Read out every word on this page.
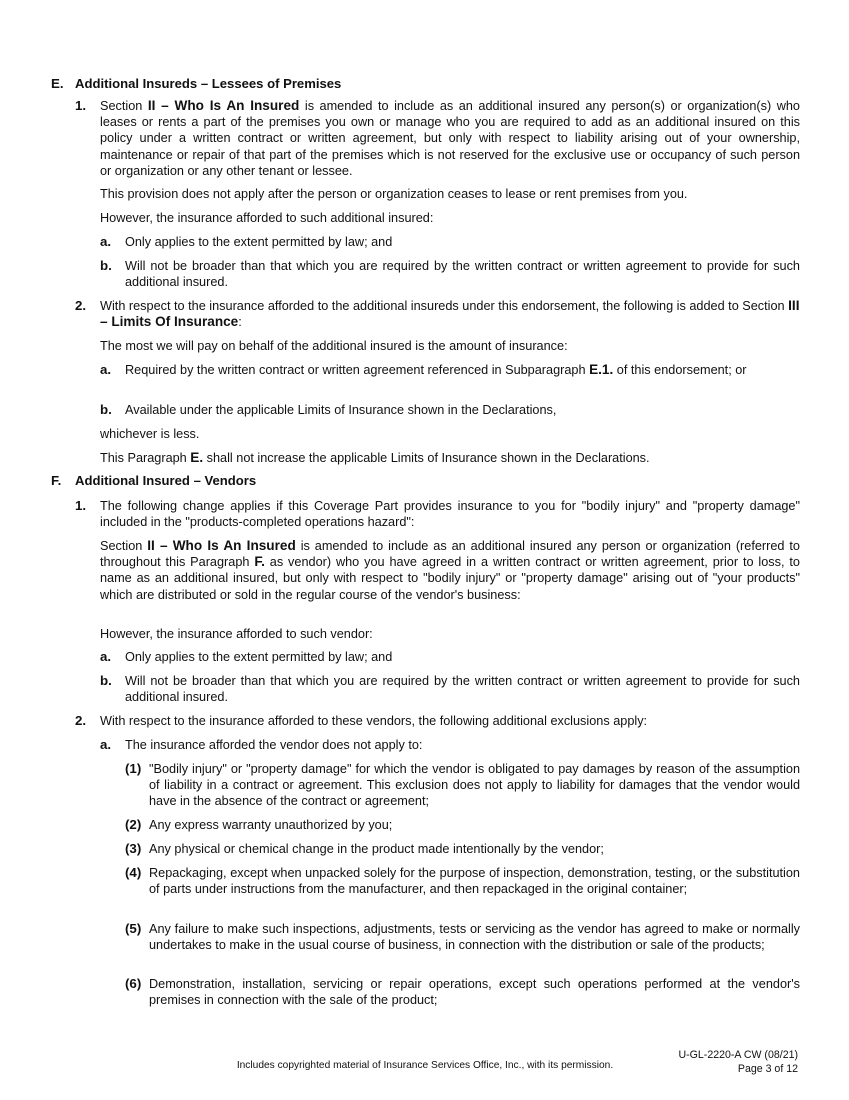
E. Additional Insureds – Lessees of Premises
1. Section II – Who Is An Insured is amended to include as an additional insured any person(s) or organization(s) who leases or rents a part of the premises you own or manage who you are required to add as an additional insured on this policy under a written contract or written agreement, but only with respect to liability arising out of your ownership, maintenance or repair of that part of the premises which is not reserved for the exclusive use or occupancy of such person or organization or any other tenant or lessee.
This provision does not apply after the person or organization ceases to lease or rent premises from you.
However, the insurance afforded to such additional insured:
a. Only applies to the extent permitted by law; and
b. Will not be broader than that which you are required by the written contract or written agreement to provide for such additional insured.
2. With respect to the insurance afforded to the additional insureds under this endorsement, the following is added to Section III – Limits Of Insurance:
The most we will pay on behalf of the additional insured is the amount of insurance:
a. Required by the written contract or written agreement referenced in Subparagraph E.1. of this endorsement; or
b. Available under the applicable Limits of Insurance shown in the Declarations,
whichever is less.
This Paragraph E. shall not increase the applicable Limits of Insurance shown in the Declarations.
F. Additional Insured – Vendors
1. The following change applies if this Coverage Part provides insurance to you for "bodily injury" and "property damage" included in the "products-completed operations hazard":
Section II – Who Is An Insured is amended to include as an additional insured any person or organization (referred to throughout this Paragraph F. as vendor) who you have agreed in a written contract or written agreement, prior to loss, to name as an additional insured, but only with respect to "bodily injury" or "property damage" arising out of "your products" which are distributed or sold in the regular course of the vendor's business:
However, the insurance afforded to such vendor:
a. Only applies to the extent permitted by law; and
b. Will not be broader than that which you are required by the written contract or written agreement to provide for such additional insured.
2. With respect to the insurance afforded to these vendors, the following additional exclusions apply:
a. The insurance afforded the vendor does not apply to:
(1) "Bodily injury" or "property damage" for which the vendor is obligated to pay damages by reason of the assumption of liability in a contract or agreement. This exclusion does not apply to liability for damages that the vendor would have in the absence of the contract or agreement;
(2) Any express warranty unauthorized by you;
(3) Any physical or chemical change in the product made intentionally by the vendor;
(4) Repackaging, except when unpacked solely for the purpose of inspection, demonstration, testing, or the substitution of parts under instructions from the manufacturer, and then repackaged in the original container;
(5) Any failure to make such inspections, adjustments, tests or servicing as the vendor has agreed to make or normally undertakes to make in the usual course of business, in connection with the distribution or sale of the products;
(6) Demonstration, installation, servicing or repair operations, except such operations performed at the vendor's premises in connection with the sale of the product;
Includes copyrighted material of Insurance Services Office, Inc., with its permission.
U-GL-2220-A CW (08/21)
Page 3 of 12
